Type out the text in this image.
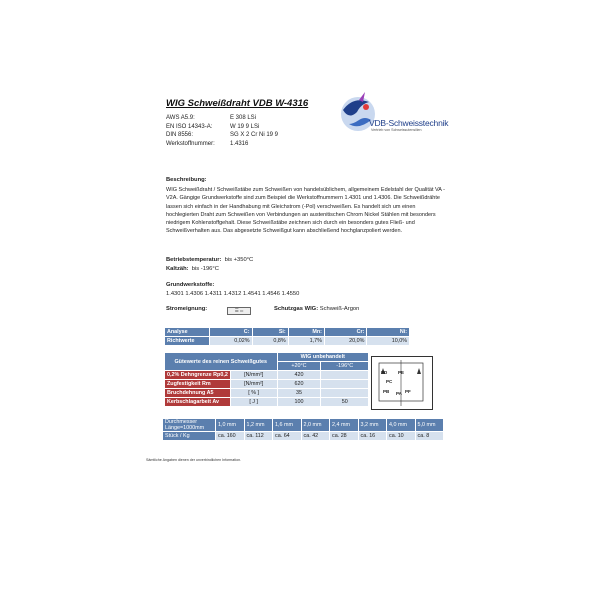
WIG Schweißdraht VDB W-4316
AWS A5.9:	E 308 LSi
EN ISO 14343-A:	W 19 9 LSi
DIN 8556:	SG X 2 Cr Ni 19 9
Werkstoffnummer:	1.4316
VDB-Schweisstechnik
Vertrieb von Schweissutensilien
Beschreibung:
WIG Schweißdraht / Schweißstäbe zum Schweißen von handelsüblichem, allgemeinem Edelstahl der Qualität VA - V2A. Gängige Grundwerkstoffe sind zum Beispiel die Werkstoffnummern 1.4301 und 1.4306. Die Schweißdrähte lassen sich einfach in der Handhabung mit Gleichstrom (-Pol) verschweißen. Es handelt sich um einen hochlegierten Draht zum Schweißen von Verbindungen an austenitischen Chrom Nickel Stählen mit besonders niedrigem Kohlenstoffgehalt. Diese Schweißstäbe zeichnen sich durch ein besonders gutes Fließ- und Schweißverhalten aus. Das abgesetzte Schweißgut kann abschließend hochglanzpoliert werden.
Betriebstemperatur: bis +350°C
Kaltzäh: bis -196°C
Grundwerkstoffe:
1.4301 1.4306 1.4311 1.4312 1.4541 1.4546 1.4550
Stromeignung:	☰ ═	Schutzgas WIG: Schweiß-Argon
Analyse	C:	Si:	Mn:	Cr:	Ni:
Richtwerte	0,02%	0,8%	1,7%	20,0%	10,0%
Gütewerte des reinen Schweißgutes		WIG unbehandelt	
		+20°C	-196°C
0,2% Dehngrenze Rp0,2	[N/mm²]	420	
Zugfestigkeit Rm	[N/mm²]	620	
Bruchdehnung A5	[ % ]	35	
Kerbschlagarbeit Av	[ J ]	100	50
PD PE
PC
PB PA PF
Durchmesser Länge=1000mm	1,0 mm	1,2 mm	1,6 mm	2,0 mm	2,4 mm	3,2 mm	4,0 mm	5,0 mm
Stück / Kg	ca. 160	ca. 112	ca. 64	ca. 42	ca. 28	ca. 16	ca. 10	ca. 8
Sämtliche Angaben dienen der unverbindlichen Information.
